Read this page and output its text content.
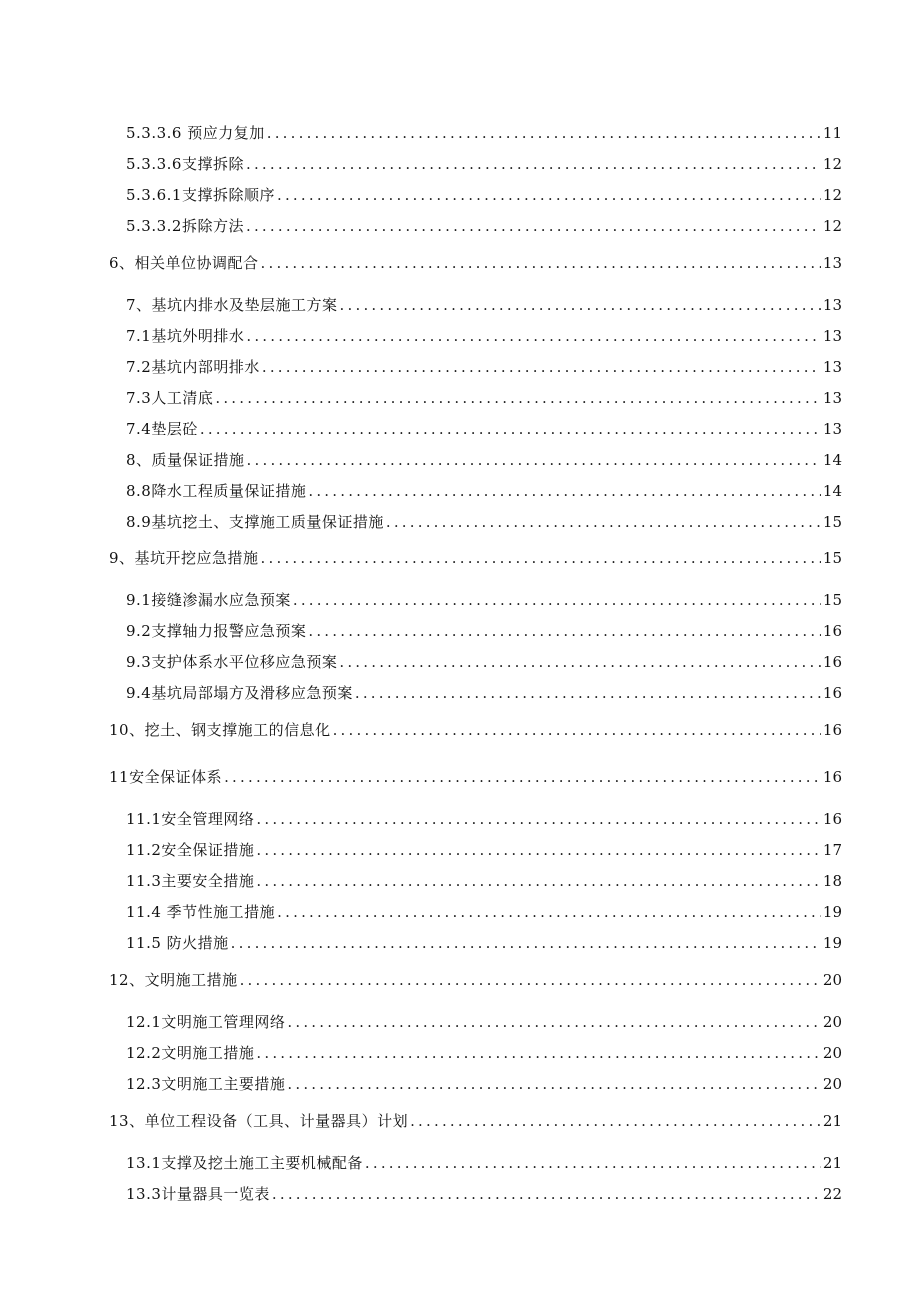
5.3.3.6 预应力复加 .....	11
5.3.3.6支撑拆除 .....	12
5.3.6.1支撑拆除顺序 .....	12
5.3.3.2拆除方法 .....	12
6、相关单位协调配合 .....	13
7、基坑内排水及垫层施工方案 .....	13
7.1基坑外明排水 .....	13
7.2基坑内部明排水 .....	13
7.3人工清底 .....	13
7.4垫层砼 .....	13
8、质量保证措施 .....	14
8.8降水工程质量保证措施 .....	14
8.9基坑挖土、支撑施工质量保证措施 .....	15
9、基坑开挖应急措施 .....	15
9.1接缝渗漏水应急预案 .....	15
9.2支撑轴力报警应急预案 .....	16
9.3支护体系水平位移应急预案 .....	16
9.4基坑局部塌方及滑移应急预案 .....	16
10、挖土、钢支撑施工的信息化 .....	16
11安全保证体系 .....	16
11.1安全管理网络 .....	16
11.2安全保证措施 .....	17
11.3主要安全措施 .....	18
11.4 季节性施工措施 .....	19
11.5 防火措施 .....	19
12、文明施工措施 .....	20
12.1文明施工管理网络 .....	20
12.2文明施工措施 .....	20
12.3文明施工主要措施 .....	20
13、单位工程设备（工具、计量器具）计划 .....	21
13.1支撑及挖土施工主要机械配备 .....	21
13.3计量器具一览表 .....	22
